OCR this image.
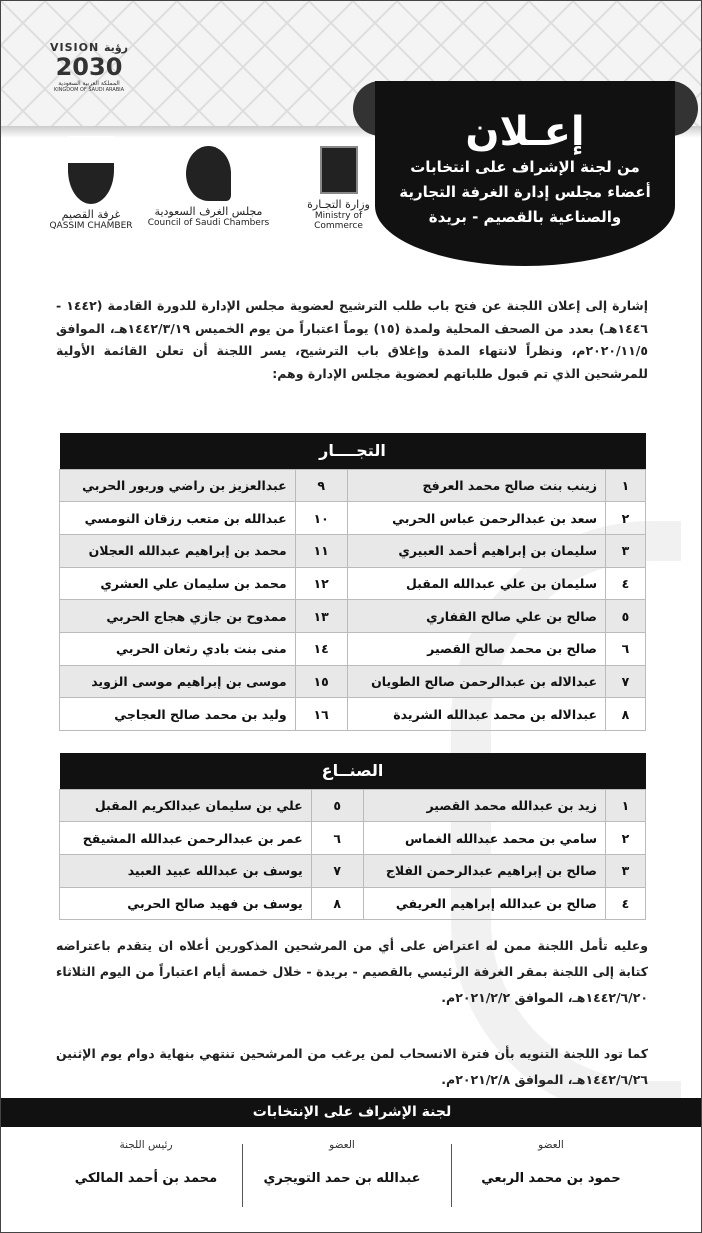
VISION رؤية
2030
المملكة العربية السعودية
KINGDOM OF SAUDI ARABIA
إعـلان
من لجنة الإشراف على انتخابات
أعضاء مجلس إدارة الغرفة التجارية
والصناعية بالقصيم - بريدة
وزارة التجـارة
Ministry of Commerce
مجلس الغرف السعودية
Council of Saudi Chambers
غرفة القصيم
QASSIM CHAMBER

إشارة إلى إعلان اللجنة عن فتح باب طلب الترشيح لعضوية مجلس الإدارة للدورة القادمة (١٤٤٢ - ١٤٤٦هـ) بعدد من الصحف المحلية ولمدة (١٥) يوماً اعتباراً من يوم الخميس ١٤٤٢/٣/١٩هـ، الموافق ٢٠٢٠/١١/٥م، ونظراً لانتهاء المدة وإغلاق باب الترشيح، يسر اللجنة أن تعلن القائمة الأولية للمرشحين الذي تم قبول طلباتهم لعضوية مجلس الإدارة وهم:

التجــــار			
١	زينب بنت صالح محمد العرفج	٩	عبدالعزيز بن راضي وريور الحربي
٢	سعد بن عبدالرحمن عباس الحربي	١٠	عبدالله بن متعب رزقان النومسي
٣	سليمان بن إبراهيم أحمد العبيري	١١	محمد بن إبراهيم عبدالله العجلان
٤	سليمان بن علي عبدالله المقبل	١٢	محمد بن سليمان علي العشري
٥	صالح بن علي صالح القفاري	١٣	ممدوح بن جازي هجاج الحربي
٦	صالح بن محمد صالح القصير	١٤	منى بنت بادي رثعان الحربي
٧	عبدالاله بن عبدالرحمن صالح الطويان	١٥	موسى بن إبراهيم موسى الزويد
٨	عبدالاله بن محمد عبدالله الشريدة	١٦	وليد بن محمد صالح العجاجي
الصنــاع			
١	زيد بن عبدالله محمد القصير	٥	علي بن سليمان عبدالكريم المقبل
٢	سامي بن محمد عبدالله الغماس	٦	عمر بن عبدالرحمن عبدالله المشيقح
٣	صالح بن إبراهيم عبدالرحمن الفلاج	٧	يوسف بن عبدالله عبيد العبيد
٤	صالح بن عبدالله إبراهيم العريفي	٨	يوسف بن فهيد صالح الحربي

وعليه تأمل اللجنة ممن له اعتراض على أي من المرشحين المذكورين أعلاه ان يتقدم باعتراضه كتابة إلى اللجنة بمقر الغرفة الرئيسي بالقصيم - بريدة - خلال خمسة أيام اعتباراً من اليوم الثلاثاء ١٤٤٢/٦/٢٠هـ، الموافق ٢٠٢١/٢/٢م.

كما تود اللجنة التنويه بأن فترة الانسحاب لمن يرغب من المرشحين تنتهي بنهاية دوام يوم الإثنين ١٤٤٢/٦/٢٦هـ، الموافق ٢٠٢١/٢/٨م.

لجنة الإشراف على الإنتخابات
العضو
حمود بن محمد الربعي
العضو
عبدالله بن حمد التويجري
رئيس اللجنة
محمد بن أحمد المالكي
